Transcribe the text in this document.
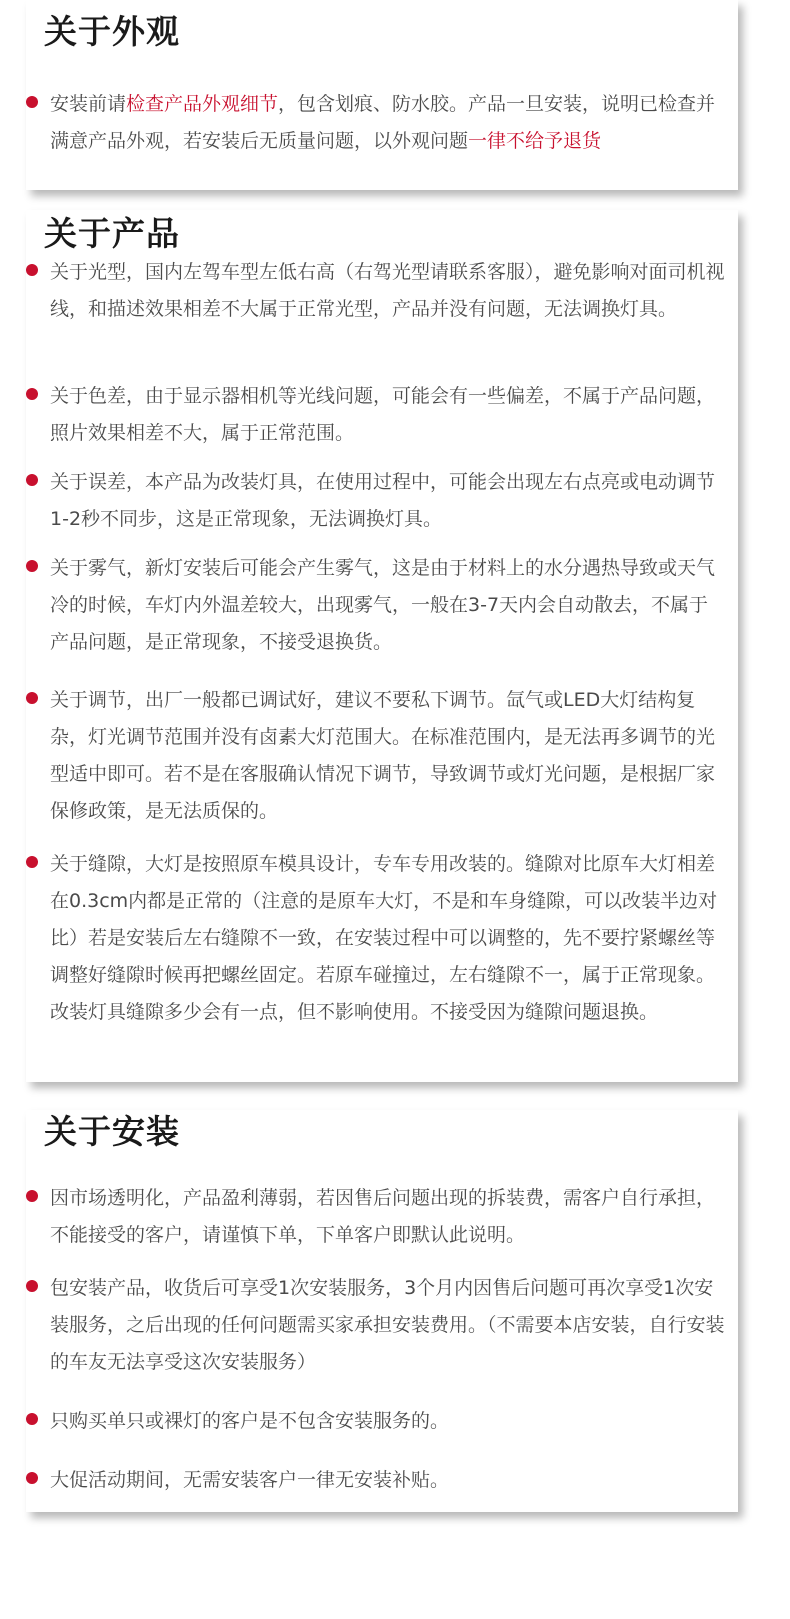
关于外观

安装前请检查产品外观细节，包含划痕、防水胶。产品一旦安装，说明已检查并满意产品外观，若安装后无质量问题，以外观问题一律不给予退货

关于产品

关于光型，国内左驾车型左低右高（右驾光型请联系客服），避免影响对面司机视线，和描述效果相差不大属于正常光型，产品并没有问题，无法调换灯具。

关于色差，由于显示器相机等光线问题，可能会有一些偏差，不属于产品问题，照片效果相差不大，属于正常范围。

关于误差，本产品为改装灯具，在使用过程中，可能会出现左右点亮或电动调节1-2秒不同步，这是正常现象，无法调换灯具。

关于雾气，新灯安装后可能会产生雾气，这是由于材料上的水分遇热导致或天气冷的时候，车灯内外温差较大，出现雾气，一般在3-7天内会自动散去，不属于产品问题，是正常现象，不接受退换货。

关于调节，出厂一般都已调试好，建议不要私下调节。氙气或LED大灯结构复杂，灯光调节范围并没有卤素大灯范围大。在标准范围内，是无法再多调节的光型适中即可。若不是在客服确认情况下调节，导致调节或灯光问题，是根据厂家保修政策，是无法质保的。

关于缝隙，大灯是按照原车模具设计，专车专用改装的。缝隙对比原车大灯相差在0.3cm内都是正常的（注意的是原车大灯，不是和车身缝隙，可以改装半边对比）若是安装后左右缝隙不一致，在安装过程中可以调整的，先不要拧紧螺丝等调整好缝隙时候再把螺丝固定。若原车碰撞过，左右缝隙不一，属于正常现象。改装灯具缝隙多少会有一点，但不影响使用。不接受因为缝隙问题退换。

关于安装

因市场透明化，产品盈利薄弱，若因售后问题出现的拆装费，需客户自行承担，不能接受的客户，请谨慎下单，下单客户即默认此说明。

包安装产品，收货后可享受1次安装服务，3个月内因售后问题可再次享受1次安装服务，之后出现的任何问题需买家承担安装费用。（不需要本店安装，自行安装的车友无法享受这次安装服务）

只购买单只或裸灯的客户是不包含安装服务的。

大促活动期间，无需安装客户一律无安装补贴。
